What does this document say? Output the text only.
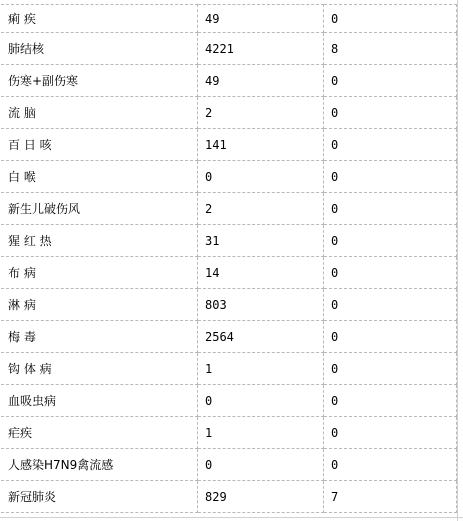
痢 疾	49	0
肺结核	4221	8
伤寒+副伤寒	49	0
流 脑	2	0
百 日 咳	141	0
白 喉	0	0
新生儿破伤风	2	0
猩 红 热	31	0
布 病	14	0
淋 病	803	0
梅 毒	2564	0
钩 体 病	1	0
血吸虫病	0	0
疟疾	1	0
人感染H7N9禽流感	0	0
新冠肺炎	829	7
